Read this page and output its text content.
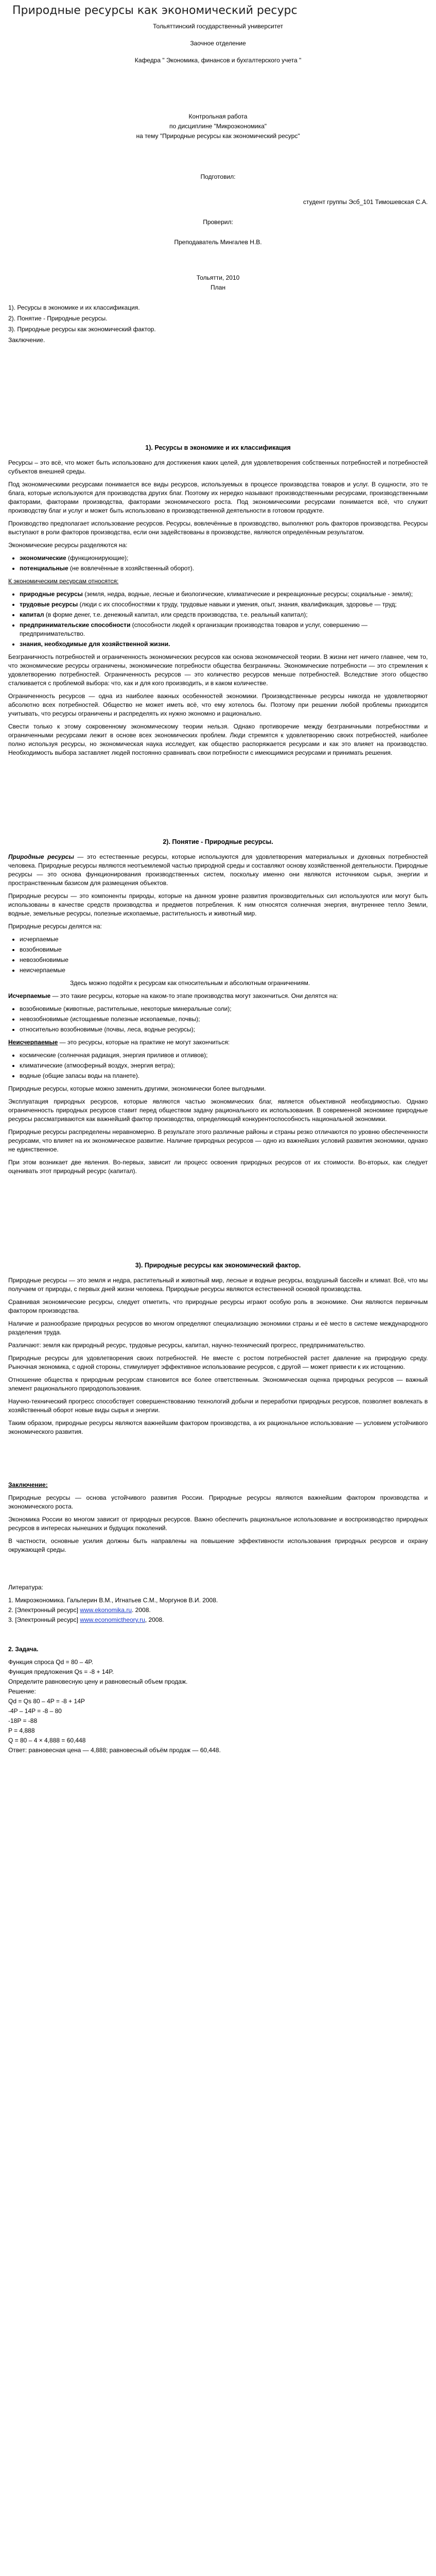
Природные ресурсы как экономический ресурс
Тольяттинский государственный университет
Заочное отделение
Кафедра " Экономика, финансов и бухгалтерского учета "
Контрольная работа
по дисциплине "Микроэкономика"
на тему "Природные ресурсы как экономический ресурс"
Подготовил:
студент группы Эсб_101 Тимошевская С.А.
Проверил:
Преподаватель Мингалев Н.В.
Тольятти, 2010
План
1). Ресурсы в экономике и их классификация.
2). Понятие - Природные ресурсы.
3). Природные ресурсы как экономический фактор.
Заключение.
1). Ресурсы в экономике и их классификация

Ресурсы – это всё, что может быть использовано для достижения каких целей, для удовлетворения собственных потребностей и потребностей субъектов внешней среды.

Под экономическими ресурсами понимается все виды ресурсов, используемых в процессе производства товаров и услуг. В сущности, это те блага, которые используются для производства других благ. Поэтому их нередко называют производственными ресурсами, производственными факторами, факторами производства, факторами экономического роста. Под экономическими ресурсами понимается всё, что служит производству благ и услуг и может быть использовано в производственной деятельности в готовом продукте.

Производство предполагает использование ресурсов. Ресурсы, вовлечённые в производство, выполняют роль факторов производства. Ресурсы выступают в роли факторов производства, если они задействованы в производстве, являются определённым результатом.

Экономические ресурсы разделяются на:

• экономические (функционирующие);
• потенциальные (не вовлечённые в хозяйственный оборот).

К экономическим ресурсам относятся:

• природные ресурсы (земля, недра, водные, лесные и биологические, климатические и рекреационные ресурсы; социальные - земля);
• трудовые ресурсы (люди с их способностями к труду, трудовые навыки и умения, опыт, знания, квалификация, здоровье — труд;
• капитал (в форме денег, т.е. денежный капитал, или средств производства, т.е. реальный капитал);
• предпринимательские способности (способности людей к организации производства товаров и услуг, совершению — предпринимательство.
• знания, необходимые для хозяйственной жизни.

Безграничность потребностей и ограниченность экономических ресурсов как основа экономической теории. В жизни нет ничего главнее, чем то, что экономические ресурсы ограничены, экономические потребности общества безграничны. Экономические потребности — это стремления к удовлетворению потребностей. Ограниченность ресурсов — это количество ресурсов меньше потребностей. Вследствие этого общество сталкивается с проблемой выбора: что, как и для кого производить, и в каком количестве.

Ограниченность ресурсов — одна из наиболее важных особенностей экономики. Производственные ресурсы никогда не удовлетворяют абсолютно всех потребностей. Общество не может иметь всё, что ему хотелось бы. Поэтому при решении любой проблемы приходится учитывать, что ресурсы ограничены и распределять их нужно экономно и рационально.

Свести только к этому сокровенному экономическому теории нельзя. Однако противоречие между безграничными потребностями и ограниченными ресурсами лежит в основе всех экономических проблем. Люди стремятся к удовлетворению своих потребностей, наиболее полно используя ресурсы, но экономическая наука исследует, как общество распоряжается ресурсами и как это влияет на производство. Необходимость выбора заставляет людей постоянно сравнивать свои потребности с имеющимися ресурсами и принимать решения.

2). Понятие - Природные ресурсы.

Природные ресурсы — это естественные ресурсы, которые используются для удовлетворения материальных и духовных потребностей человека. Природные ресурсы являются неотъемлемой частью природной среды и составляют основу хозяйственной деятельности. Природные ресурсы — это основа функционирования производственных систем, поскольку именно они являются источником сырья, энергии и пространственным базисом для размещения объектов.

Природные ресурсы — это компоненты природы, которые на данном уровне развития производительных сил используются или могут быть использованы в качестве средств производства и предметов потребления. К ним относятся солнечная энергия, внутреннее тепло Земли, водные, земельные ресурсы, полезные ископаемые, растительность и животный мир.

Природные ресурсы делятся на:

• исчерпаемые
• возобновимые
• невозобновимые
• неисчерпаемые

Здесь можно подойти к ресурсам как относительным и абсолютным ограничениям.

Исчерпаемые — это такие ресурсы, которые на каком-то этапе производства могут закончиться. Они делятся на:

• возобновимые (животные, растительные, некоторые минеральные соли);
• невозобновимые (истощаемые полезные ископаемые, почвы);
• относительно возобновимые (почвы, леса, водные ресурсы);

Неисчерпаемые — это ресурсы, которые на практике не могут закончиться:

• космические (солнечная радиация, энергия приливов и отливов);
• климатические (атмосферный воздух, энергия ветра);
• водные (общие запасы воды на планете).

Природные ресурсы, которые можно заменить другими, экономически более выгодными.

Эксплуатация природных ресурсов, которые являются частью экономических благ, является объективной необходимостью. Однако ограниченность природных ресурсов ставит перед обществом задачу рационального их использования. В современной экономике природные ресурсы рассматриваются как важнейший фактор производства, определяющий конкурентоспособность национальной экономики.

Природные ресурсы распределены неравномерно. В результате этого различные районы и страны резко отличаются по уровню обеспеченности ресурсами, что влияет на их экономическое развитие. Наличие природных ресурсов — одно из важнейших условий развития экономики, однако не единственное.

При этом возникает две явления. Во-первых, зависит ли процесс освоения природных ресурсов от их стоимости. Во-вторых, как следует оценивать этот природный ресурс (капитал).

3). Природные ресурсы как экономический фактор.

Природные ресурсы — это земля и недра, растительный и животный мир, лесные и водные ресурсы, воздушный бассейн и климат. Всё, что мы получаем от природы, с первых дней жизни человека. Природные ресурсы являются естественной основой производства.

Сравнивая экономические ресурсы, следует отметить, что природные ресурсы играют особую роль в экономике. Они являются первичным фактором производства.

Наличие и разнообразие природных ресурсов во многом определяют специализацию экономики страны и её место в системе международного разделения труда.

Различают: земля как природный ресурс, трудовые ресурсы, капитал, научно-технический прогресс, предпринимательство.

Природные ресурсы для удовлетворения своих потребностей. Не вместе с ростом потребностей растет давление на природную среду. Рыночная экономика, с одной стороны, стимулирует эффективное использование ресурсов, с другой — может привести к их истощению.

Отношение общества к природным ресурсам становится все более ответственным. Экономическая оценка природных ресурсов — важный элемент рационального природопользования.

Научно-технический прогресс способствует совершенствованию технологий добычи и переработки природных ресурсов, позволяет вовлекать в хозяйственный оборот новые виды сырья и энергии.

Таким образом, природные ресурсы являются важнейшим фактором производства, а их рациональное использование — условием устойчивого экономического развития.

Заключение:

Природные ресурсы — основа устойчивого развития России. Природные ресурсы являются важнейшим фактором производства и экономического роста.

Экономика России во многом зависит от природных ресурсов. Важно обеспечить рациональное использование и воспроизводство природных ресурсов в интересах нынешних и будущих поколений.

В частности, основные усилия должны быть направлены на повышение эффективности использования природных ресурсов и охрану окружающей среды.

Литература:
1. Микроэкономика. Гальперин В.М., Игнатьев С.М., Моргунов В.И. 2008.
2. [Электронный ресурс] www.ekonomika.ru. 2008.
3. [Электронный ресурс] www.economictheory.ru, 2008.
2. Задача.
Функция спроса Qd = 80 – 4P.
Функция предложения Qs = -8 + 14P.
Определите равновесную цену и равновесный объем продаж.
Решение:
Qd = Qs 80 – 4P = -8 + 14P
-4P – 14P = -8 – 80
-18P = -88
P = 4,888
Q = 80 – 4 × 4,888 = 60,448
Ответ: равновесная цена — 4,888; равновесный объём продаж — 60,448.
